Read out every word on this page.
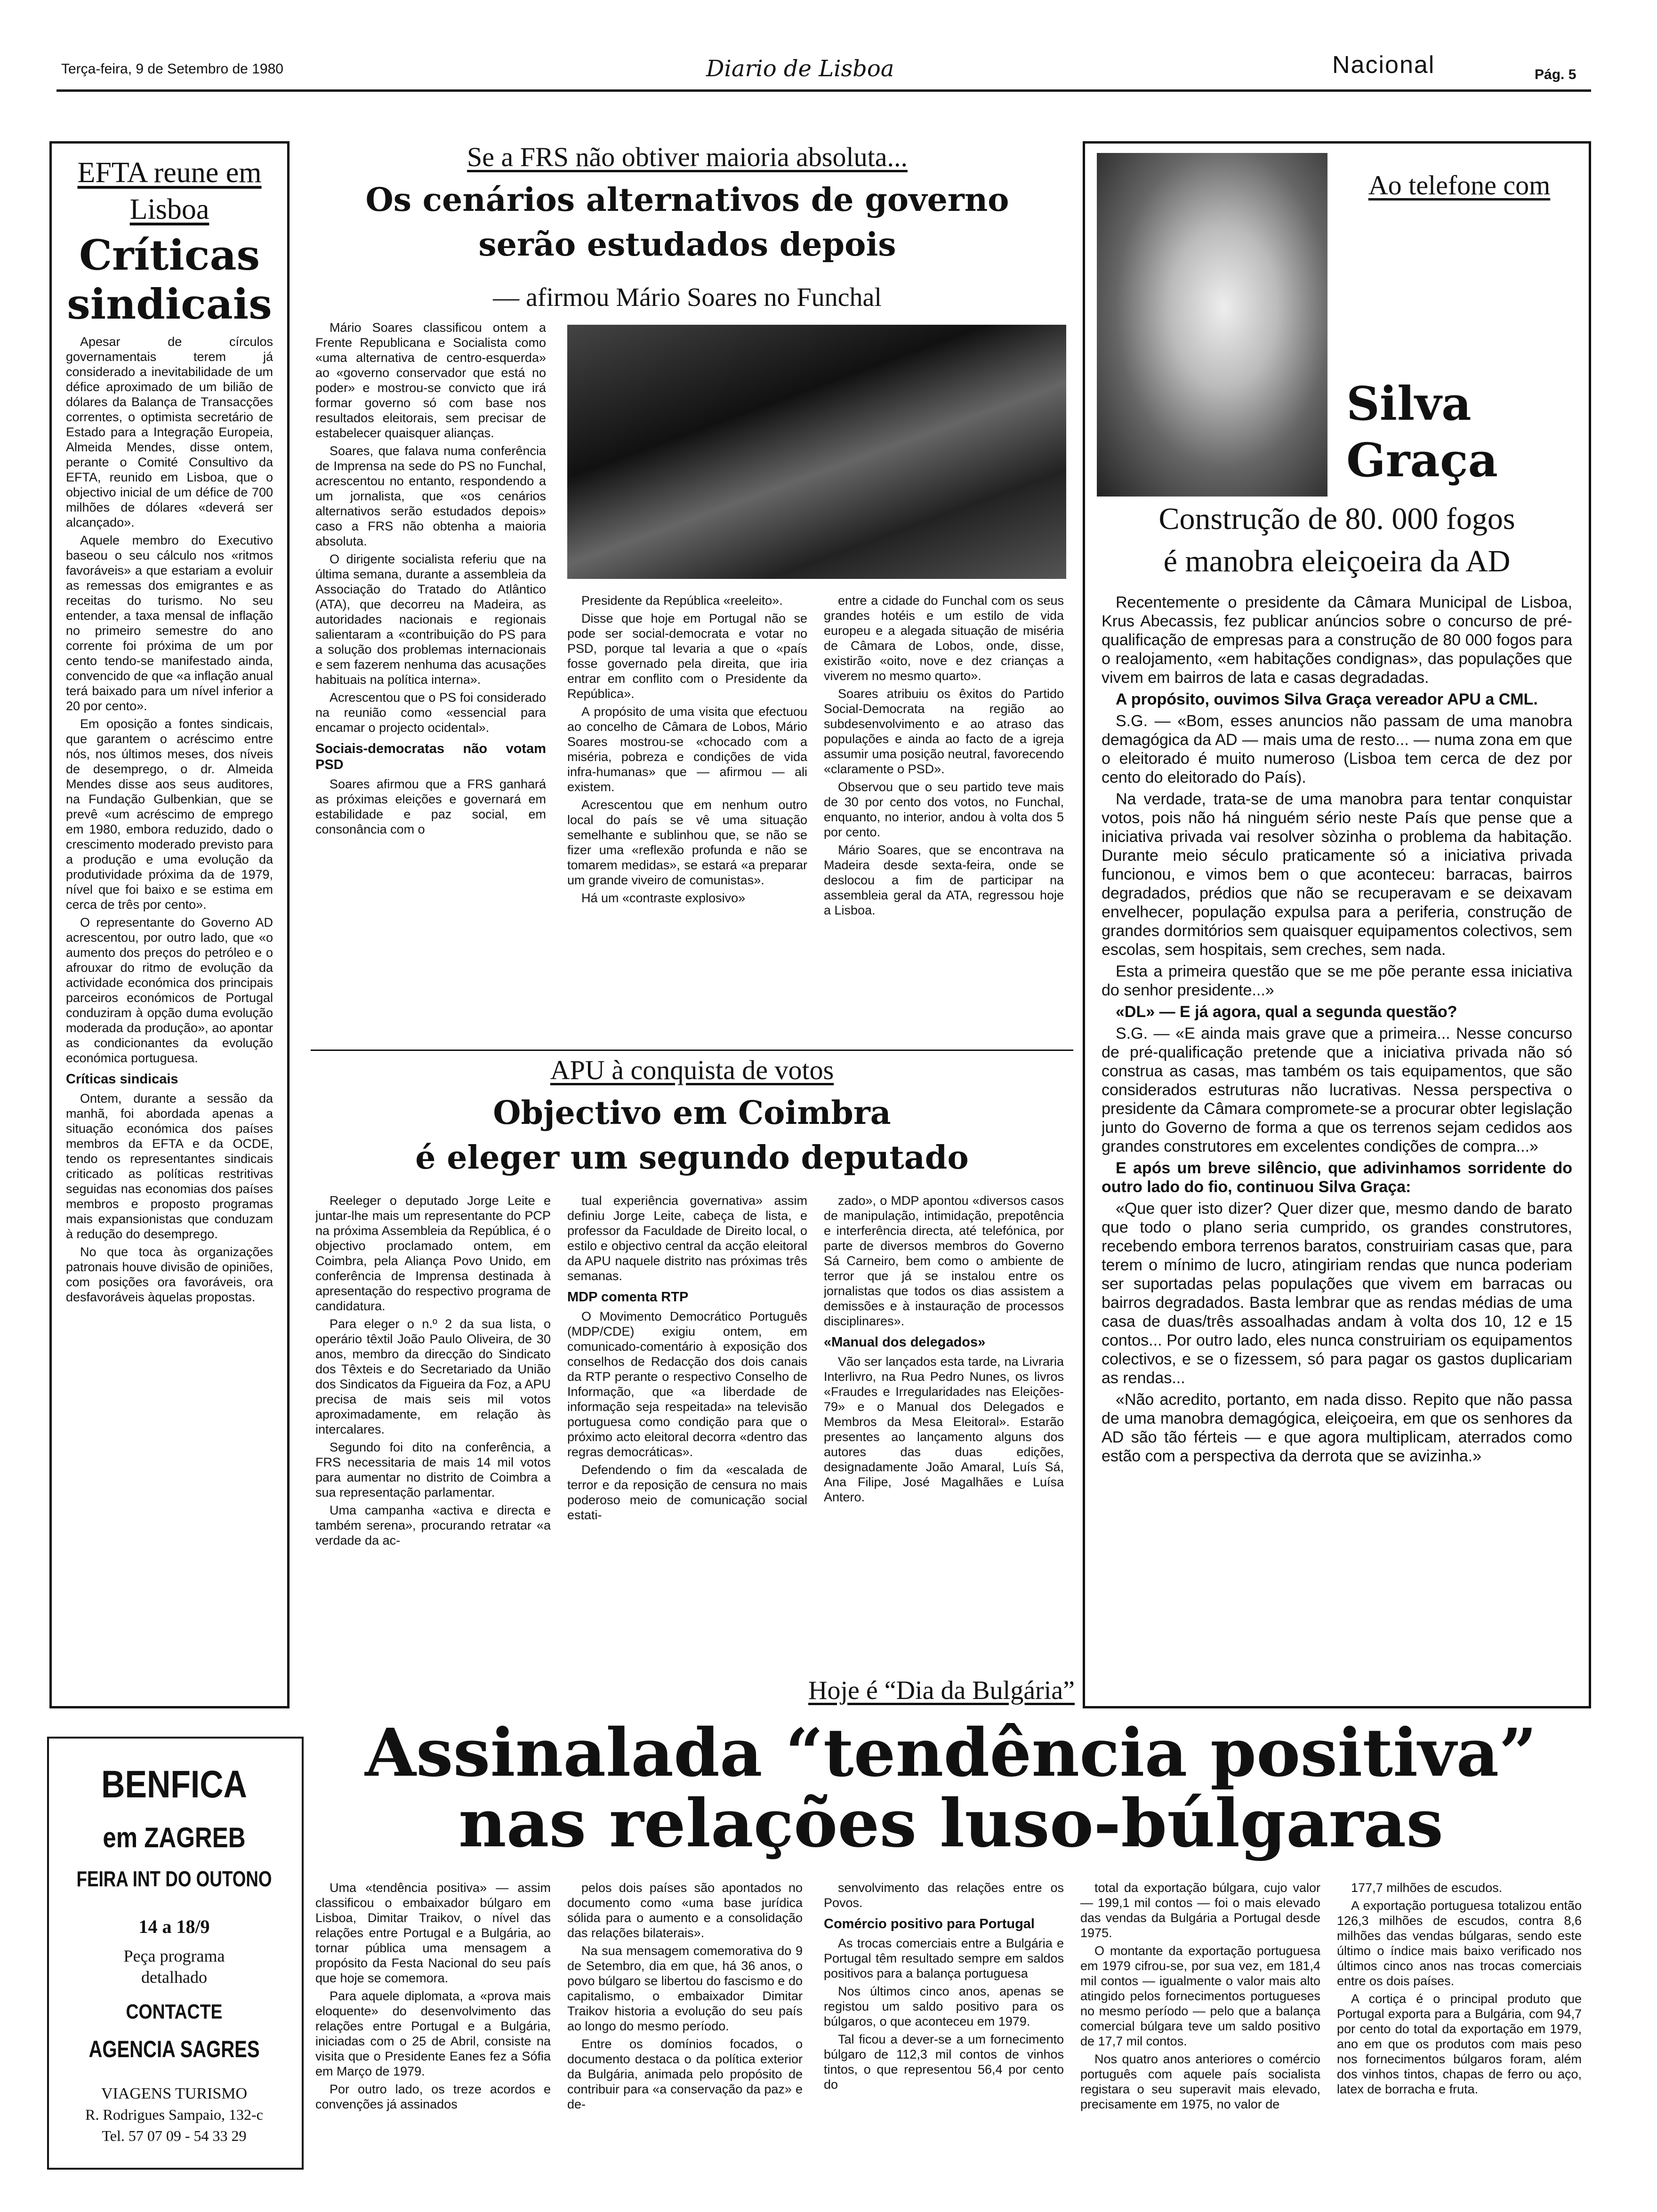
Terça-feira, 9 de Setembro de 1980	Diario de Lisboa	Nacional	Pág. 5
EFTA reune em Lisboa
Críticas sindicais

Apesar de círculos governamentais terem já considerado a inevitabilidade de um défice aproximado de um bilião de dólares da Balança de Transacções correntes, o optimista secretário de Estado para a Integração Europeia, Almeida Mendes, disse ontem, perante o Comité Consultivo da EFTA, reunido em Lisboa, que o objectivo inicial de um défice de 700 milhões de dólares «deverá ser alcançado».

Aquele membro do Executivo baseou o seu cálculo nos «ritmos favoráveis» a que estariam a evoluir as remessas dos emigrantes e as receitas do turismo. No seu entender, a taxa mensal de inflação no primeiro semestre do ano corrente foi próxima de um por cento tendo-se manifestado ainda, convencido de que «a inflação anual terá baixado para um nível inferior a 20 por cento».

Em oposição a fontes sindicais, que garantem o acréscimo entre nós, nos últimos meses, dos níveis de desemprego, o dr. Almeida Mendes disse aos seus auditores, na Fundação Gulbenkian, que se prevê «um acréscimo de emprego em 1980, embora reduzido, dado o crescimento moderado previsto para a produção e uma evolução da produtividade próxima da de 1979, nível que foi baixo e se estima em cerca de três por cento».

O representante do Governo AD acrescentou, por outro lado, que «o aumento dos preços do petróleo e o afrouxar do ritmo de evolução da actividade económica dos principais parceiros económicos de Portugal conduziram à opção duma evolução moderada da produção», ao apontar as condicionantes da evolução económica portuguesa.

Críticas sindicais

Ontem, durante a sessão da manhã, foi abordada apenas a situação económica dos países membros da EFTA e da OCDE, tendo os representantes sindicais criticado as políticas restritivas seguidas nas economias dos países membros e proposto programas mais expansionistas que conduzam à redução do desemprego.

No que toca às organizações patronais houve divisão de opiniões, com posições ora favoráveis, ora desfavoráveis àquelas propostas.

Se a FRS não obtiver maioria absoluta...
Os cenários alternativos de governo
serão estudados depois
— afirmou Mário Soares no Funchal

Mário Soares classificou ontem a Frente Republicana e Socialista como «uma alternativa de centro-esquerda» ao «governo conservador que está no poder» e mostrou-se convicto que irá formar governo só com base nos resultados eleitorais, sem precisar de estabelecer quaisquer alianças.

Soares, que falava numa conferência de Imprensa na sede do PS no Funchal, acrescentou no entanto, respondendo a um jornalista, que «os cenários alternativos serão estudados depois» caso a FRS não obtenha a maioria absoluta.

O dirigente socialista referiu que na última semana, durante a assembleia da Associação do Tratado do Atlântico (ATA), que decorreu na Madeira, as autoridades nacionais e regionais salientaram a «contribuição do PS para a solução dos problemas internacionais e sem fazerem nenhuma das acusações habituais na política interna».

Acrescentou que o PS foi considerado na reunião como «essencial para encamar o projecto ocidental».

Sociais-democratas não votam PSD

Soares afirmou que a FRS ganhará as próximas eleições e governará em estabilidade e paz social, em consonância com o

Presidente da República «reeleito».

Disse que hoje em Portugal não se pode ser social-democrata e votar no PSD, porque tal levaria a que o «país fosse governado pela direita, que iria entrar em conflito com o Presidente da República».

A propósito de uma visita que efectuou ao concelho de Câmara de Lobos, Mário Soares mostrou-se «chocado com a miséria, pobreza e condições de vida infra-humanas» que — afirmou — ali existem.

Acrescentou que em nenhum outro local do país se vê uma situação semelhante e sublinhou que, se não se fizer uma «reflexão profunda e não se tomarem medidas», se estará «a preparar um grande viveiro de comunistas».

Há um «contraste explosivo»

entre a cidade do Funchal com os seus grandes hotéis e um estilo de vida europeu e a alegada situação de miséria de Câmara de Lobos, onde, disse, existirão «oito, nove e dez crianças a viverem no mesmo quarto».

Soares atribuiu os êxitos do Partido Social-Democrata na região ao subdesenvolvimento e ao atraso das populações e ainda ao facto de a igreja assumir uma posição neutral, favorecendo «claramente o PSD».

Observou que o seu partido teve mais de 30 por cento dos votos, no Funchal, enquanto, no interior, andou à volta dos 5 por cento.

Mário Soares, que se encontrava na Madeira desde sexta-feira, onde se deslocou a fim de participar na assembleia geral da ATA, regressou hoje a Lisboa.

APU à conquista de votos
Objectivo em Coimbra
é eleger um segundo deputado

Reeleger o deputado Jorge Leite e juntar-lhe mais um representante do PCP na próxima Assembleia da República, é o objectivo proclamado ontem, em Coimbra, pela Aliança Povo Unido, em conferência de Imprensa destinada à apresentação do respectivo programa de candidatura.

Para eleger o n.º 2 da sua lista, o operário têxtil João Paulo Oliveira, de 30 anos, membro da direcção do Sindicato dos Têxteis e do Secretariado da União dos Sindicatos da Figueira da Foz, a APU precisa de mais seis mil votos aproximadamente, em relação às intercalares.

Segundo foi dito na conferência, a FRS necessitaria de mais 14 mil votos para aumentar no distrito de Coimbra a sua representação parlamentar.

Uma campanha «activa e directa e também serena», procurando retratar «a verdade da ac-

tual experiência governativa» assim definiu Jorge Leite, cabeça de lista, e professor da Faculdade de Direito local, o estilo e objectivo central da acção eleitoral da APU naquele distrito nas próximas três semanas.

MDP comenta RTP

O Movimento Democrático Português (MDP/CDE) exigiu ontem, em comunicado-comentário à exposição dos conselhos de Redacção dos dois canais da RTP perante o respectivo Conselho de Informação, que «a liberdade de informação seja respeitada» na televisão portuguesa como condição para que o próximo acto eleitoral decorra «dentro das regras democráticas».

Defendendo o fim da «escalada de terror e da reposição de censura no mais poderoso meio de comunicação social estati-

zado», o MDP apontou «diversos casos de manipulação, intimidação, prepotência e interferência directa, até telefónica, por parte de diversos membros do Governo Sá Carneiro, bem como o ambiente de terror que já se instalou entre os jornalistas que todos os dias assistem a demissões e à instauração de processos disciplinares».

«Manual dos delegados»

Vão ser lançados esta tarde, na Livraria Interlivro, na Rua Pedro Nunes, os livros «Fraudes e Irregularidades nas Eleições-79» e o Manual dos Delegados e Membros da Mesa Eleitoral». Estarão presentes ao lançamento alguns dos autores das duas edições, designadamente João Amaral, Luís Sá, Ana Filipe, José Magalhães e Luísa Antero.

Ao telefone com
Silva
Graça
Construção de 80. 000 fogos
é manobra eleiçoeira da AD

Recentemente o presidente da Câmara Municipal de Lisboa, Krus Abecassis, fez publicar anúncios sobre o concurso de pré-qualificação de empresas para a construção de 80 000 fogos para o realojamento, «em habitações condignas», das populações que vivem em bairros de lata e casas degradadas.

A propósito, ouvimos Silva Graça vereador APU a CML.

S.G. — «Bom, esses anuncios não passam de uma manobra demagógica da AD — mais uma de resto... — numa zona em que o eleitorado é muito numeroso (Lisboa tem cerca de dez por cento do eleitorado do País).

Na verdade, trata-se de uma manobra para tentar conquistar votos, pois não há ninguém sério neste País que pense que a iniciativa privada vai resolver sòzinha o problema da habitação. Durante meio século praticamente só a iniciativa privada funcionou, e vimos bem o que aconteceu: barracas, bairros degradados, prédios que não se recuperavam e se deixavam envelhecer, população expulsa para a periferia, construção de grandes dormitórios sem quaisquer equipamentos colectivos, sem escolas, sem hospitais, sem creches, sem nada.

Esta a primeira questão que se me põe perante essa iniciativa do senhor presidente...»

«DL» — E já agora, qual a segunda questão?

S.G. — «E ainda mais grave que a primeira... Nesse concurso de pré-qualificação pretende que a iniciativa privada não só construa as casas, mas também os tais equipamentos, que são considerados estruturas não lucrativas. Nessa perspectiva o presidente da Câmara compromete-se a procurar obter legislação junto do Governo de forma a que os terrenos sejam cedidos aos grandes construtores em excelentes condições de compra...»

E após um breve silêncio, que adivinhamos sorridente do outro lado do fio, continuou Silva Graça:

«Que quer isto dizer? Quer dizer que, mesmo dando de barato que todo o plano seria cumprido, os grandes construtores, recebendo embora terrenos baratos, construiriam casas que, para terem o mínimo de lucro, atingiriam rendas que nunca poderiam ser suportadas pelas populações que vivem em barracas ou bairros degradados. Basta lembrar que as rendas médias de uma casa de duas/três assoalhadas andam à volta dos 10, 12 e 15 contos... Por outro lado, eles nunca construiriam os equipamentos colectivos, e se o fizessem, só para pagar os gastos duplicariam as rendas...

«Não acredito, portanto, em nada disso. Repito que não passa de uma manobra demagógica, eleiçoeira, em que os senhores da AD são tão férteis — e que agora multiplicam, aterrados como estão com a perspectiva da derrota que se avizinha.»

Hoje é “Dia da Bulgária”
Assinalada “tendência positiva”
nas relações luso-búlgaras

Uma «tendência positiva» — assim classificou o embaixador búlgaro em Lisboa, Dimitar Traikov, o nível das relações entre Portugal e a Bulgária, ao tornar pública uma mensagem a propósito da Festa Nacional do seu país que hoje se comemora.

Para aquele diplomata, a «prova mais eloquente» do desenvolvimento das relações entre Portugal e a Bulgária, iniciadas com o 25 de Abril, consiste na visita que o Presidente Eanes fez a Sófia em Março de 1979.

Por outro lado, os treze acordos e convenções já assinados

pelos dois países são apontados no documento como «uma base jurídica sólida para o aumento e a consolidação das relações bilaterais».

Na sua mensagem comemorativa do 9 de Setembro, dia em que, há 36 anos, o povo búlgaro se libertou do fascismo e do capitalismo, o embaixador Dimitar Traikov historia a evolução do seu país ao longo do mesmo período.

Entre os domínios focados, o documento destaca o da política exterior da Bulgária, animada pelo propósito de contribuir para «a conservação da paz» e de-

senvolvimento das relações entre os Povos.

Comércio positivo para Portugal

As trocas comerciais entre a Bulgária e Portugal têm resultado sempre em saldos positivos para a balança portuguesa

Nos últimos cinco anos, apenas se registou um saldo positivo para os búlgaros, o que aconteceu em 1979.

Tal ficou a dever-se a um fornecimento búlgaro de 112,3 mil contos de vinhos tintos, o que representou 56,4 por cento do

total da exportação búlgara, cujo valor — 199,1 mil contos — foi o mais elevado das vendas da Bulgária a Portugal desde 1975.

O montante da exportação portuguesa em 1979 cifrou-se, por sua vez, em 181,4 mil contos — igualmente o valor mais alto atingido pelos fornecimentos portugueses no mesmo período — pelo que a balança comercial búlgara teve um saldo positivo de 17,7 mil contos.

Nos quatro anos anteriores o comércio português com aquele país socialista registara o seu superavit mais elevado, precisamente em 1975, no valor de

177,7 milhões de escudos.

A exportação portuguesa totalizou então 126,3 milhões de escudos, contra 8,6 milhões das vendas búlgaras, sendo este último o índice mais baixo verificado nos últimos cinco anos nas trocas comerciais entre os dois países.

A cortiça é o principal produto que Portugal exporta para a Bulgária, com 94,7 por cento do total da exportação em 1979, ano em que os produtos com mais peso nos fornecimentos búlgaros foram, além dos vinhos tintos, chapas de ferro ou aço, latex de borracha e fruta.

BENFICA
em ZAGREB
FEIRA INT DO OUTONO
14 a 18/9
Peça programa
detalhado
CONTACTE
AGENCIA SAGRES
VIAGENS TURISMO
R. Rodrigues Sampaio, 132-c
Tel. 57 07 09 - 54 33 29
